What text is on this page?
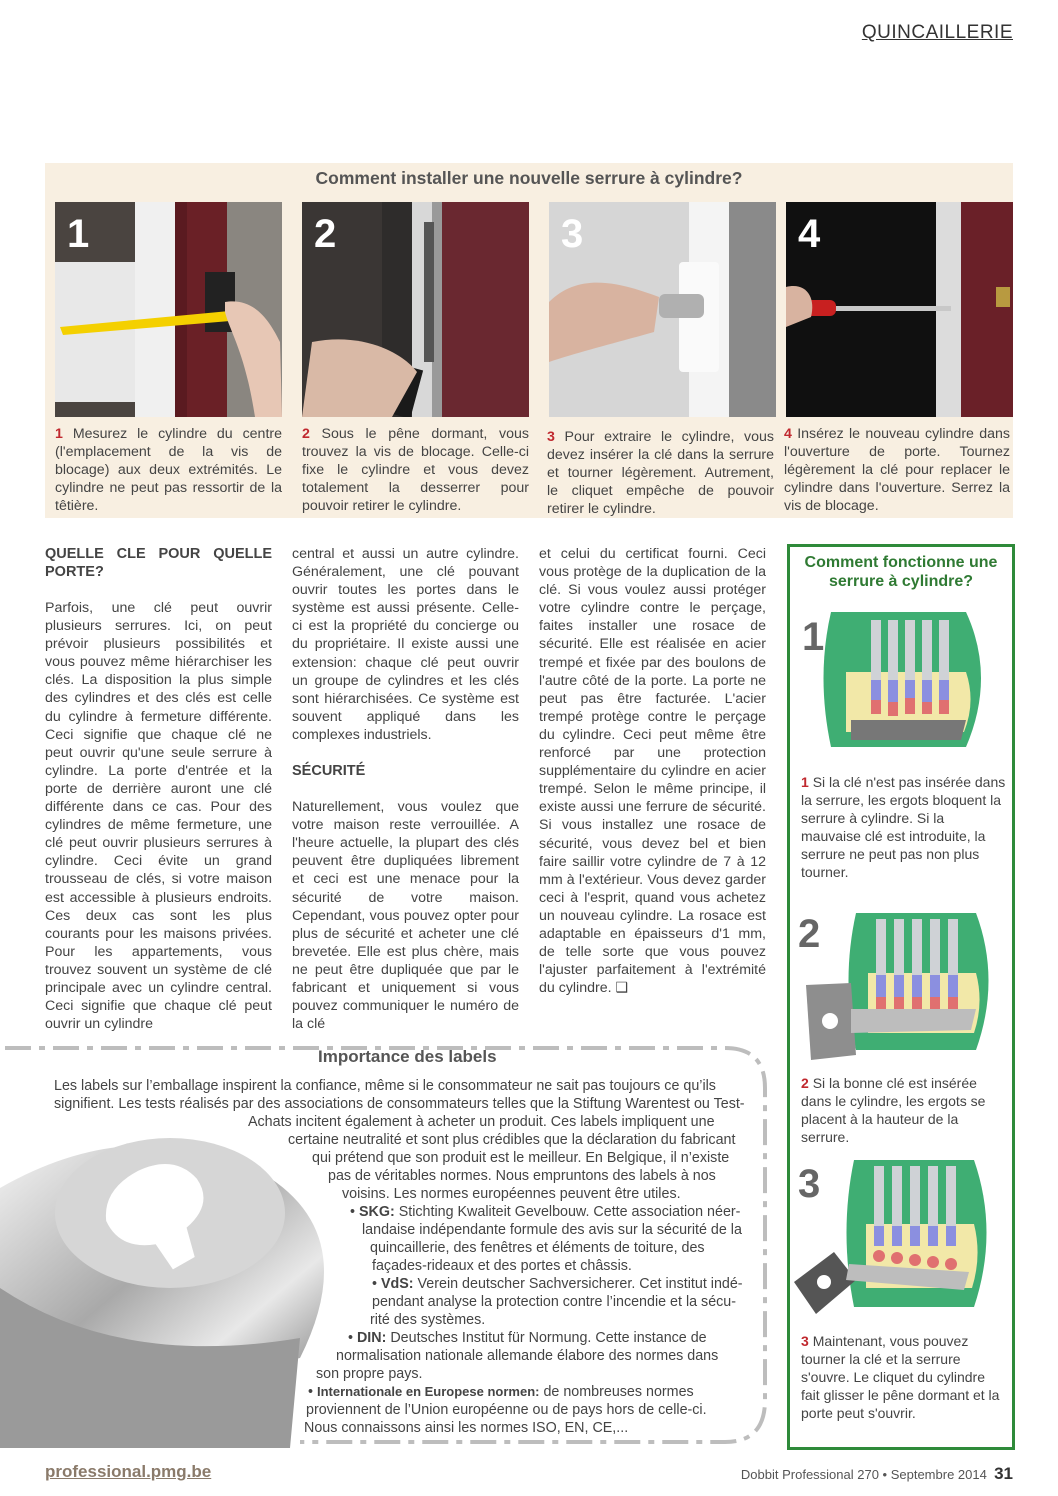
QUINCAILLERIE
Comment installer une nouvelle serrure à cylindre?
1	2	3	4
1 Mesurez le cylindre du centre (l'emplacement de la vis de blocage) aux deux extrémités. Le cylindre ne peut pas ressortir de la têtière.
2 Sous le pêne dormant, vous trouvez la vis de blocage. Celle-ci fixe le cylindre et vous devez totalement la desserrer pour pouvoir retirer le cylindre.
3 Pour extraire le cylindre, vous devez insérer la clé dans la serrure et tourner légèrement. Autrement, le cliquet empêche de pouvoir retirer le cylindre.
4 Insérez le nouveau cylindre dans l'ouverture de porte. Tournez légèrement la clé pour replacer le cylindre dans l'ouverture. Serrez la vis de blocage.
QUELLE CLE POUR QUELLE PORTE?

Parfois, une clé peut ouvrir plusieurs serrures. Ici, on peut prévoir plusieurs possibilités et vous pouvez même hiérarchiser les clés. La disposition la plus simple des cylindres et des clés est celle du cylindre à fermeture différente. Ceci signifie que chaque clé ne peut ouvrir qu'une seule serrure à cylindre. La porte d'entrée et la porte de derrière auront une clé différente dans ce cas. Pour des cylindres de même fermeture, une clé peut ouvrir plusieurs serrures à cylindre. Ceci évite un grand trousseau de clés, si votre maison est accessible à plusieurs endroits. Ces deux cas sont les plus courants pour les maisons privées. Pour les appartements, vous trouvez souvent un système de clé principale avec un cylindre central. Ceci signifie que chaque clé peut ouvrir un cylindre

central et aussi un autre cylindre. Généralement, une clé pouvant ouvrir toutes les portes dans le système est aussi présente. Celle-ci est la propriété du concierge ou du propriétaire. Il existe aussi une extension: chaque clé peut ouvrir un groupe de cylindres et les clés sont hiérarchisées. Ce système est souvent appliqué dans les complexes industriels.

SÉCURITÉ

Naturellement, vous voulez que votre maison reste verrouillée. A l'heure actuelle, la plupart des clés peuvent être dupliquées librement et ceci est une menace pour la sécurité de votre maison. Cependant, vous pouvez opter pour plus de sécurité et acheter une clé brevetée. Elle est plus chère, mais ne peut être dupliquée que par le fabricant et uniquement si vous pouvez communiquer le numéro de la clé

et celui du certificat fourni. Ceci vous protège de la duplication de la clé. Si vous voulez aussi protéger votre cylindre contre le perçage, faites installer une rosace de sécurité. Elle est réalisée en acier trempé et fixée par des boulons de l'autre côté de la porte. La porte ne peut pas être facturée. L'acier trempé protège contre le perçage du cylindre. Ceci peut même être renforcé par une protection supplémentaire du cylindre en acier trempé. Selon le même principe, il existe aussi une ferrure de sécurité. Si vous installez une rosace de sécurité, vous devez bel et bien faire saillir votre cylindre de 7 à 12 mm à l'extérieur. Vous devez garder ceci à l'esprit, quand vous achetez un nouveau cylindre. La rosace est adaptable en épaisseurs d'1 mm, de telle sorte que vous pouvez l'ajuster parfaitement à l'extrémité du cylindre. ❑

Comment fonctionne une serrure à cylindre?
1
1 Si la clé n'est pas insérée dans la serrure, les ergots bloquent la serrure à cylindre. Si la mauvaise clé est introduite, la serrure ne peut pas non plus tourner.
2
2 Si la bonne clé est insérée dans le cylindre, les ergots se placent à la hauteur de la serrure.
3
3 Maintenant, vous pouvez tourner la clé et la serrure s'ouvre. Le cliquet du cylindre fait glisser le pêne dormant et la porte peut s'ouvrir.
Importance des labels
Les labels sur l’emballage inspirent la confiance, même si le consommateur ne sait pas toujours ce qu’ils
signifient. Les tests réalisés par des associations de consommateurs telles que la Stiftung Warentest ou Test-
Achats incitent également à acheter un produit. Ces labels impliquent une
certaine neutralité et sont plus crédibles que la déclaration du fabricant
qui prétend que son produit est le meilleur. En Belgique, il n’existe
pas de véritables normes. Nous empruntons des labels à nos
voisins. Les normes européennes peuvent être utiles.
• SKG: Stichting Kwaliteit Gevelbouw. Cette association néer-
landaise indépendante formule des avis sur la sécurité de la
quincaillerie, des fenêtres et éléments de toiture, des
façades-rideaux et des portes et châssis.
• VdS: Verein deutscher Sachversicherer. Cet institut indé-
pendant analyse la protection contre l’incendie et la sécu-
rité des systèmes.
• DIN: Deutsches Institut für Normung. Cette instance de
normalisation nationale allemande élabore des normes dans
son propre pays.
• Internationale en Europese normen: de nombreuses normes
proviennent de l’Union européenne ou de pays hors de celle-ci.
Nous connaissons ainsi les normes ISO, EN, CE,...
professional.pmg.be	Dobbit Professional 270 • Septembre 2014 31
